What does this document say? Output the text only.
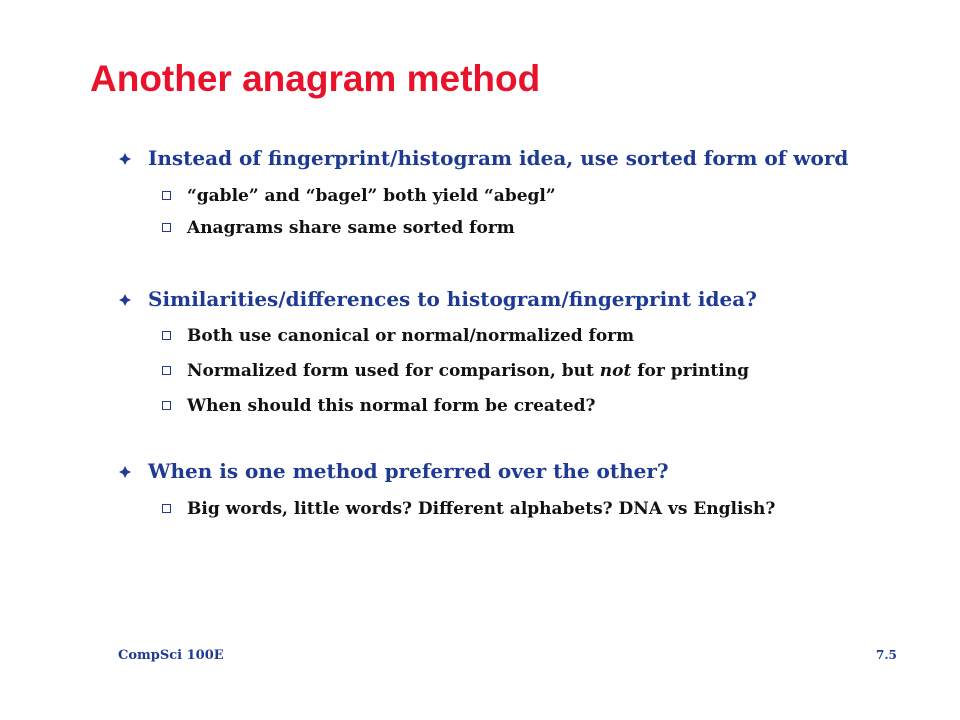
Another anagram method
Instead of fingerprint/histogram idea, use sorted form of word
“gable” and “bagel” both yield “abegl”
Anagrams share same sorted form
Similarities/differences to histogram/fingerprint idea?
Both use canonical or normal/normalized form
Normalized form used for comparison, but not for printing
When should this normal form be created?
When is one method preferred over the other?
Big words, little words? Different alphabets? DNA vs English?
CompSci 100E	7.5
